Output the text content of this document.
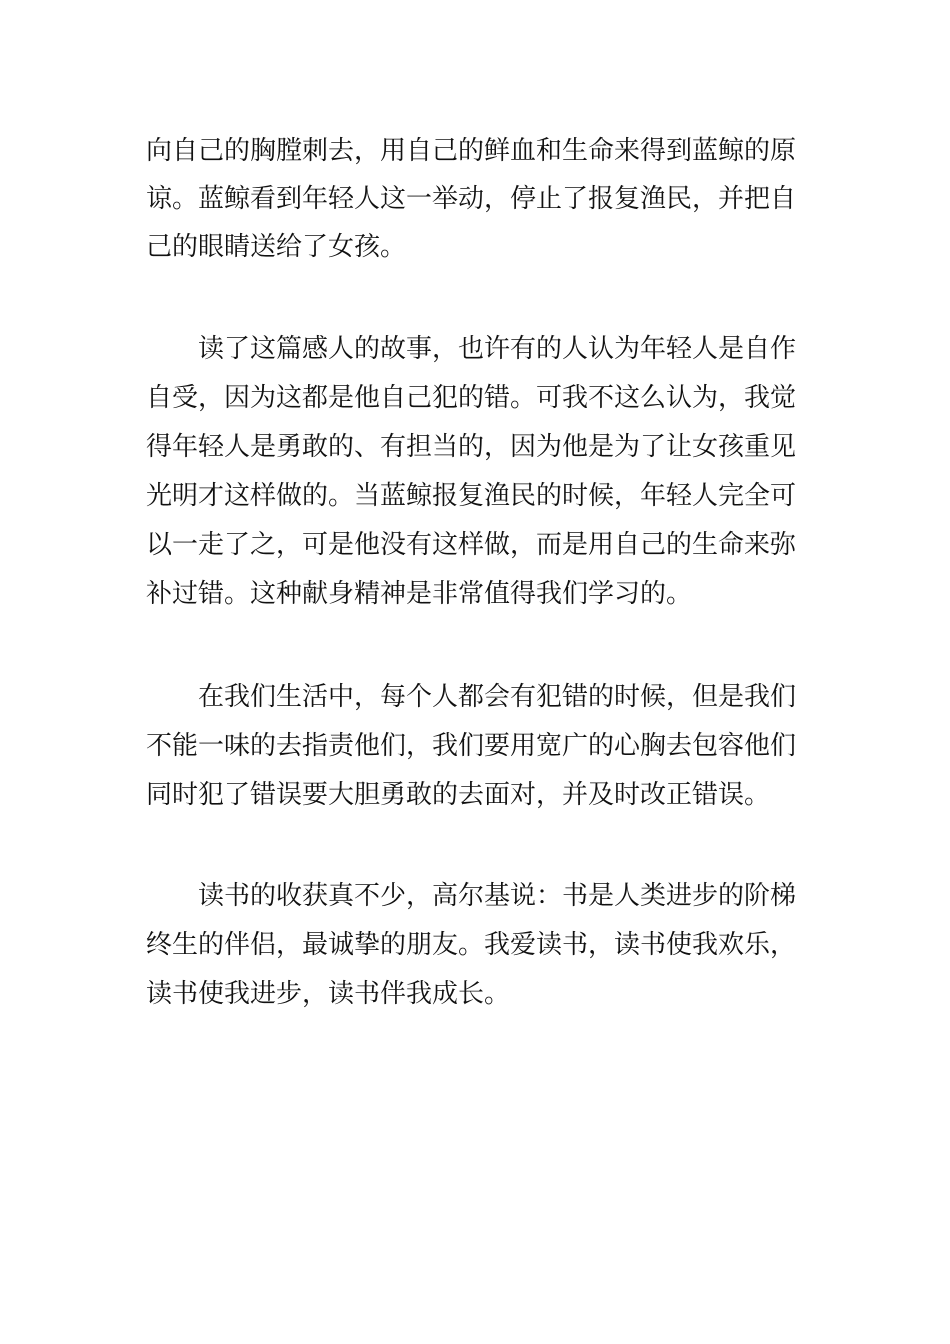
向自己的胸膛刺去，用自己的鲜血和生命来得到蓝鲸的原
谅。蓝鲸看到年轻人这一举动，停止了报复渔民，并把自
己的眼睛送给了女孩。
读了这篇感人的故事，也许有的人认为年轻人是自作
自受，因为这都是他自己犯的错。可我不这么认为，我觉
得年轻人是勇敢的、有担当的，因为他是为了让女孩重见
光明才这样做的。当蓝鲸报复渔民的时候，年轻人完全可
以一走了之，可是他没有这样做，而是用自己的生命来弥
补过错。这种献身精神是非常值得我们学习的。
在我们生活中，每个人都会有犯错的时候，但是我们
不能一味的去指责他们，我们要用宽广的心胸去包容他们
同时犯了错误要大胆勇敢的去面对，并及时改正错误。
读书的收获真不少，高尔基说：书是人类进步的阶梯
终生的伴侣，最诚挚的朋友。我爱读书，读书使我欢乐，
读书使我进步，读书伴我成长。
